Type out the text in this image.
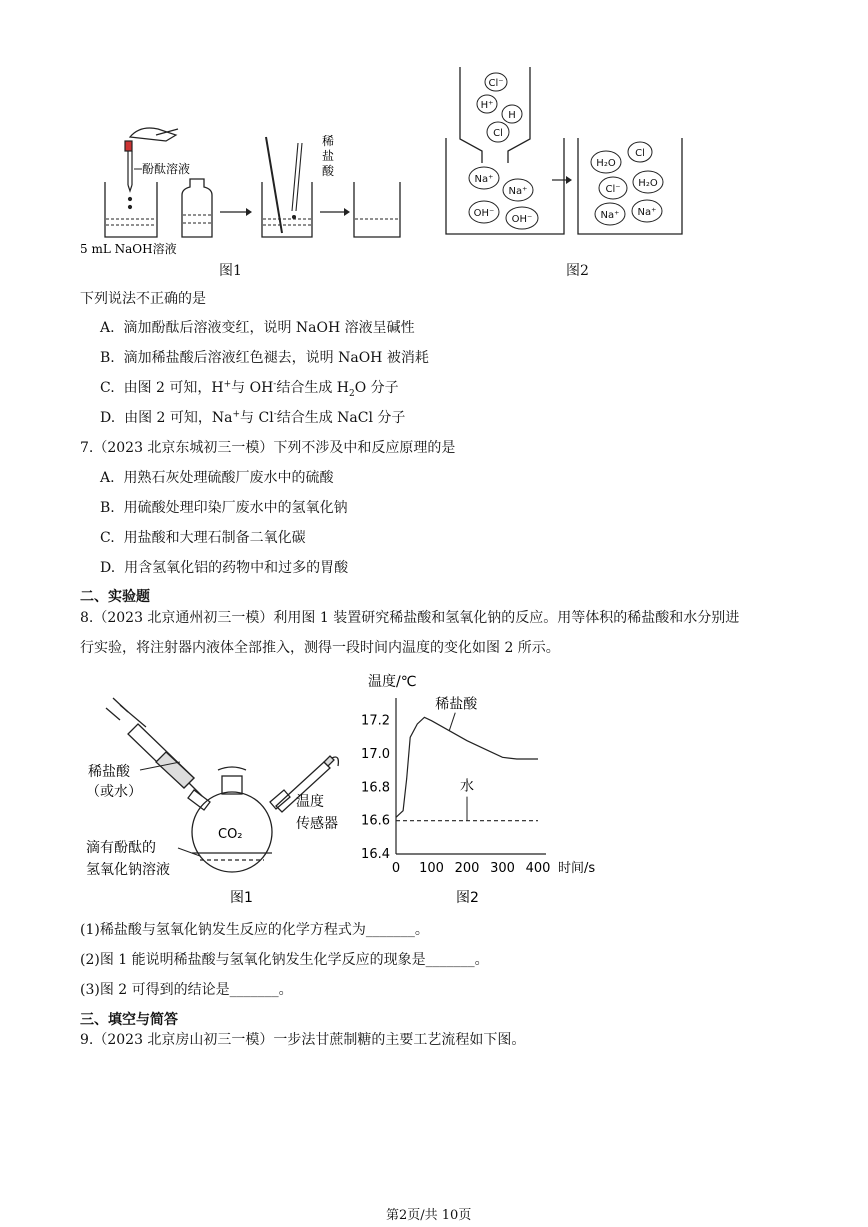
酚酞溶液
5 mL NaOH溶液
稀
盐
酸
图1
Cl⁻
H⁺
H
Cl
Na⁺
Na⁺
OH⁻
OH⁻
H₂O
Cl
Cl⁻
H₂O
Na⁺ Na⁺
图2
下列说法不正确的是
A. 滴加酚酞后溶液变红，说明 NaOH 溶液呈碱性
B. 滴加稀盐酸后溶液红色褪去，说明 NaOH 被消耗
C. 由图 2 可知，H+与 OH-结合生成 $H_2O$ 分子
D. 由图 2 可知，Na+与 Cl-结合生成 NaCl 分子
7.（2023 北京东城初三一模）下列不涉及中和反应原理的是
A. 用熟石灰处理硫酸厂废水中的硫酸
B. 用硫酸处理印染厂废水中的氢氧化钠
C. 用盐酸和大理石制备二氧化碳
D. 用含氢氧化铝的药物中和过多的胃酸
二、实验题
8.（2023 北京通州初三一模）利用图 1 装置研究稀盐酸和氢氧化钠的反应。用等体积的稀盐酸和水分别进
行实验，将注射器内液体全部推入，测得一段时间内温度的变化如图 2 所示。
稀盐酸
（或水）
CO₂
温度
传感器
滴有酚酞的
氢氧化钠溶液
图1
16.4
16.6
16.8
17.0
17.2
0 100 200 300 400 时间/s
稀盐酸
水
温度/℃
图2
(1)稀盐酸与氢氧化钠发生反应的化学方程式为_______。
(2)图 1 能说明稀盐酸与氢氧化钠发生化学反应的现象是_______。
(3)图 2 可得到的结论是_______。
三、填空与简答
9.（2023 北京房山初三一模）一步法甘蔗制糖的主要工艺流程如下图。
第2页/共 10页
